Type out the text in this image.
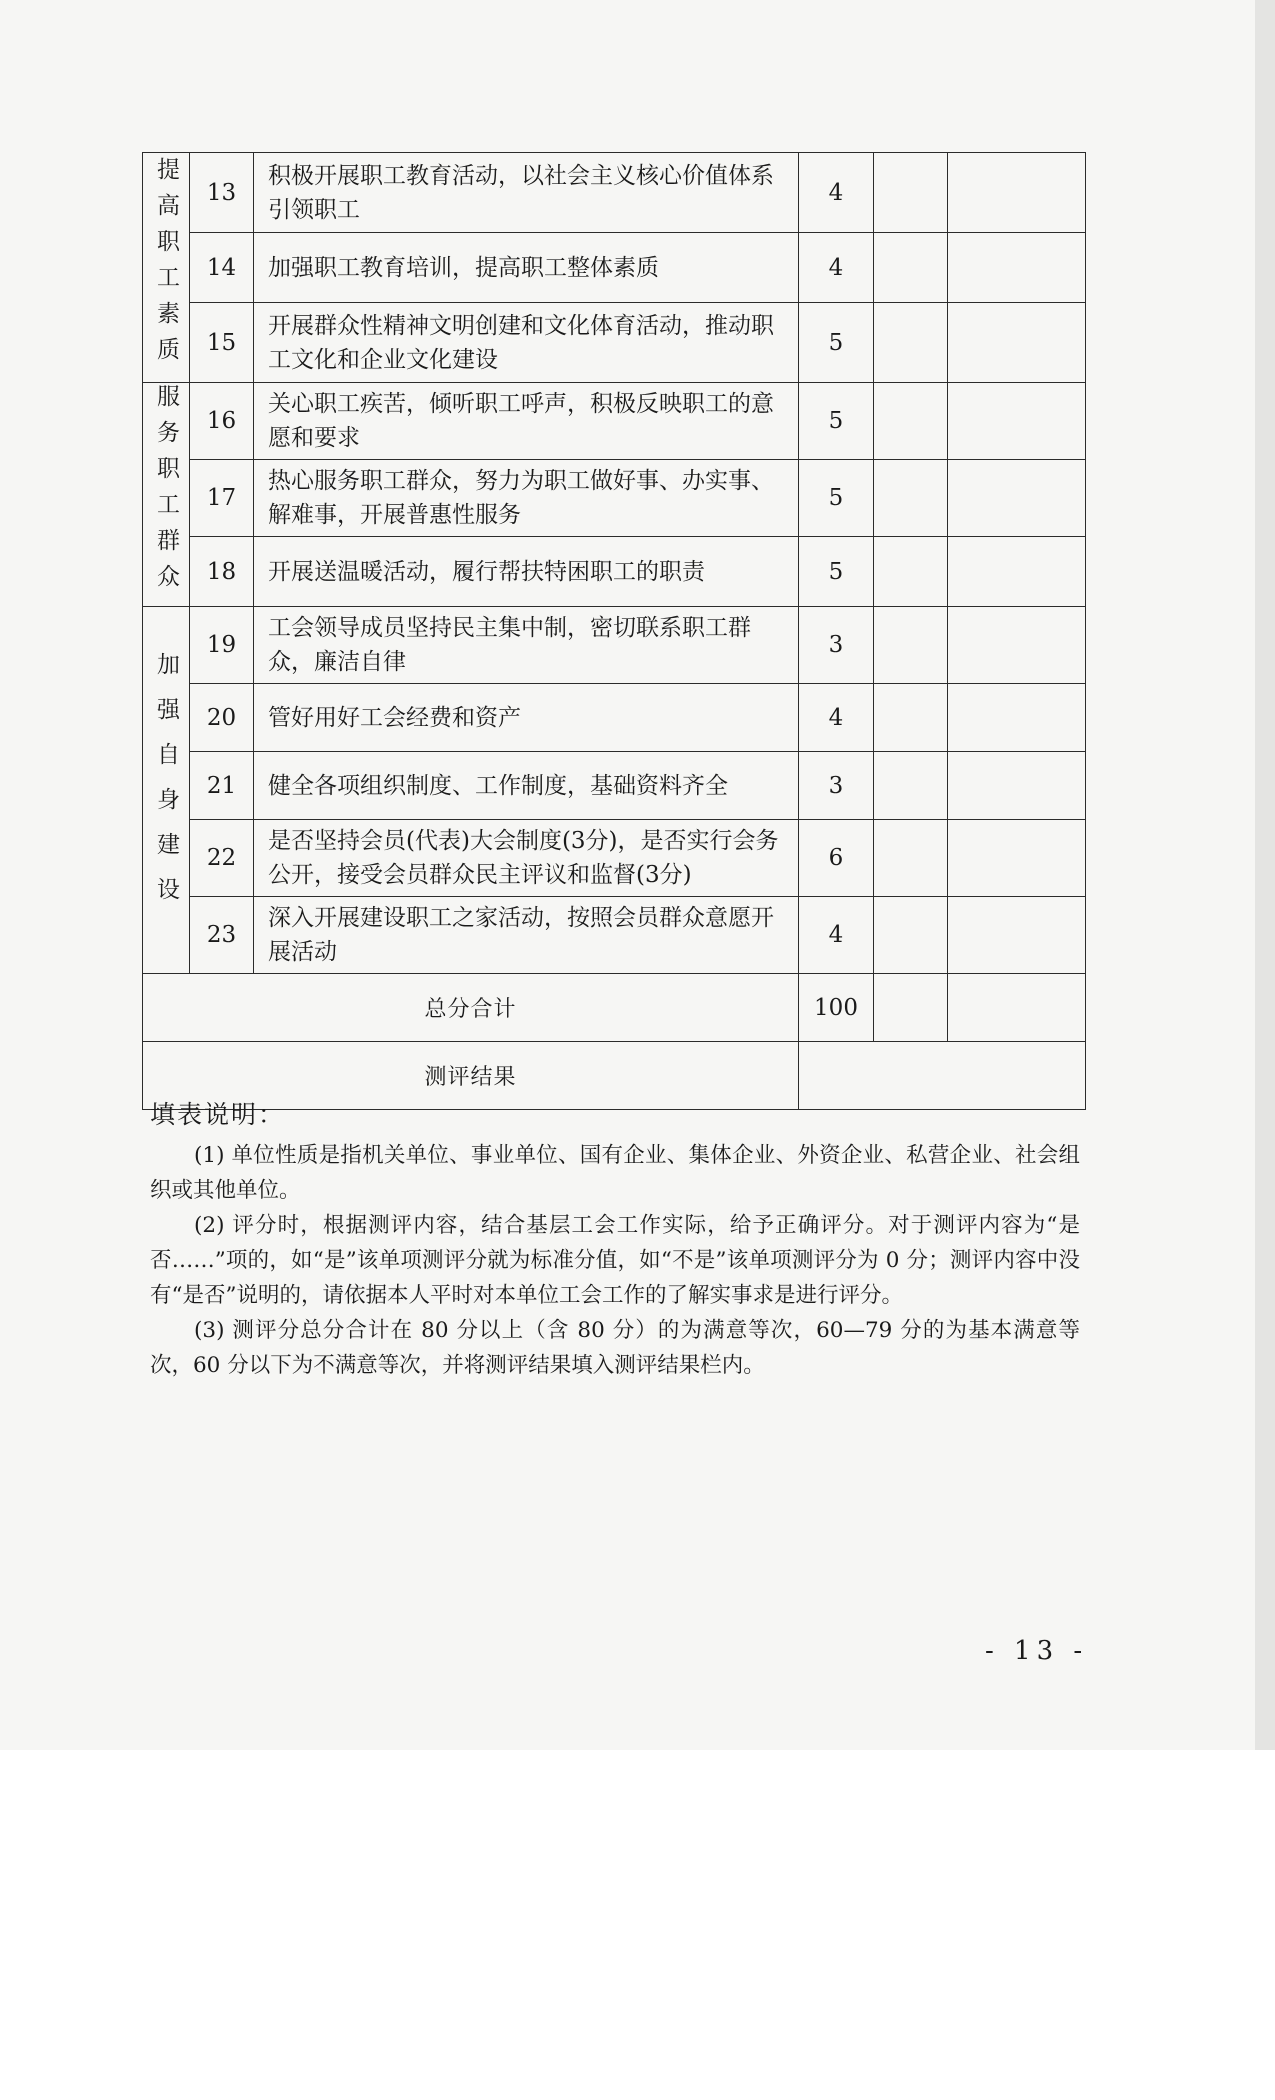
提高职工素质	13	积极开展职工教育活动，以社会主义核心价值体系引领职工	4		
	14	加强职工教育培训，提高职工整体素质	4		
	15	开展群众性精神文明创建和文化体育活动，推动职工文化和企业文化建设	5		
服务职工群众	16	关心职工疾苦，倾听职工呼声，积极反映职工的意愿和要求	5		
	17	热心服务职工群众，努力为职工做好事、办实事、解难事，开展普惠性服务	5		
	18	开展送温暖活动，履行帮扶特困职工的职责	5		
加强自身建设	19	工会领导成员坚持民主集中制，密切联系职工群众，廉洁自律	3		
	20	管好用好工会经费和资产	4		
	21	健全各项组织制度、工作制度，基础资料齐全	3		
	22	是否坚持会员(代表)大会制度(3分)，是否实行会务公开，接受会员群众民主评议和监督(3分)	6		
	23	深入开展建设职工之家活动，按照会员群众意愿开展活动	4		
总分合计			100		
测评结果					
填表说明：

(1) 单位性质是指机关单位、事业单位、国有企业、集体企业、外资企业、私营企业、社会组织或其他单位。

(2) 评分时，根据测评内容，结合基层工会工作实际，给予正确评分。对于测评内容为“是否……”项的，如“是”该单项测评分就为标准分值，如“不是”该单项测评分为 0 分；测评内容中没有“是否”说明的，请依据本人平时对本单位工会工作的了解实事求是进行评分。

(3) 测评分总分合计在 80 分以上（含 80 分）的为满意等次，60—79 分的为基本满意等次，60 分以下为不满意等次，并将测评结果填入测评结果栏内。

- 13 -
